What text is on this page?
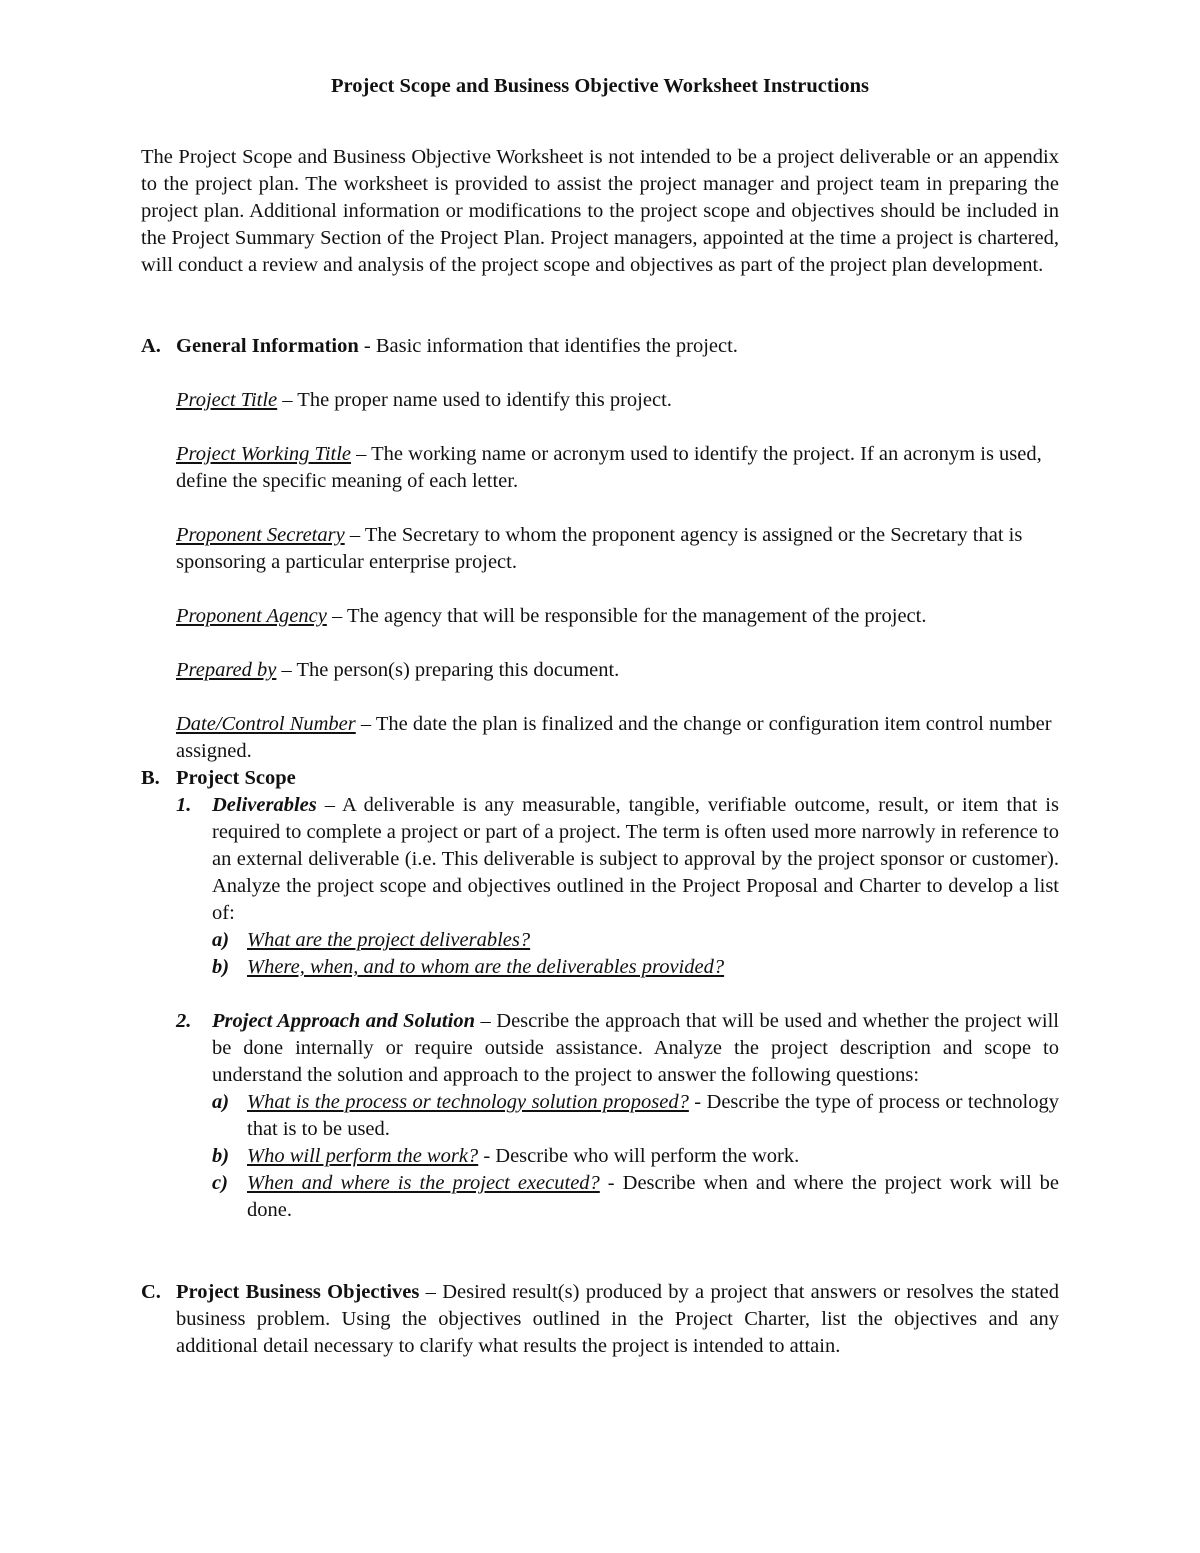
Project Scope and Business Objective Worksheet Instructions

The Project Scope and Business Objective Worksheet is not intended to be a project deliverable or an appendix to the project plan. The worksheet is provided to assist the project manager and project team in preparing the project plan. Additional information or modifications to the project scope and objectives should be included in the Project Summary Section of the Project Plan. Project managers, appointed at the time a project is chartered, will conduct a review and analysis of the project scope and objectives as part of the project plan development.

A. General Information - Basic information that identifies the project.

Project Title – The proper name used to identify this project.

Project Working Title – The working name or acronym used to identify the project. If an acronym is used, define the specific meaning of each letter.

Proponent Secretary – The Secretary to whom the proponent agency is assigned or the Secretary that is sponsoring a particular enterprise project.

Proponent Agency – The agency that will be responsible for the management of the project.

Prepared by – The person(s) preparing this document.

Date/Control Number – The date the plan is finalized and the change or configuration item control number assigned.

B. Project Scope

1. Deliverables – A deliverable is any measurable, tangible, verifiable outcome, result, or item that is required to complete a project or part of a project. The term is often used more narrowly in reference to an external deliverable (i.e. This deliverable is subject to approval by the project sponsor or customer). Analyze the project scope and objectives outlined in the Project Proposal and Charter to develop a list of:

a) What are the project deliverables?

b) Where, when, and to whom are the deliverables provided?

2. Project Approach and Solution – Describe the approach that will be used and whether the project will be done internally or require outside assistance. Analyze the project description and scope to understand the solution and approach to the project to answer the following questions:

a) What is the process or technology solution proposed? - Describe the type of process or technology that is to be used.

b) Who will perform the work? - Describe who will perform the work.

c) When and where is the project executed? - Describe when and where the project work will be done.

C. Project Business Objectives – Desired result(s) produced by a project that answers or resolves the stated business problem. Using the objectives outlined in the Project Charter, list the objectives and any additional detail necessary to clarify what results the project is intended to attain.
